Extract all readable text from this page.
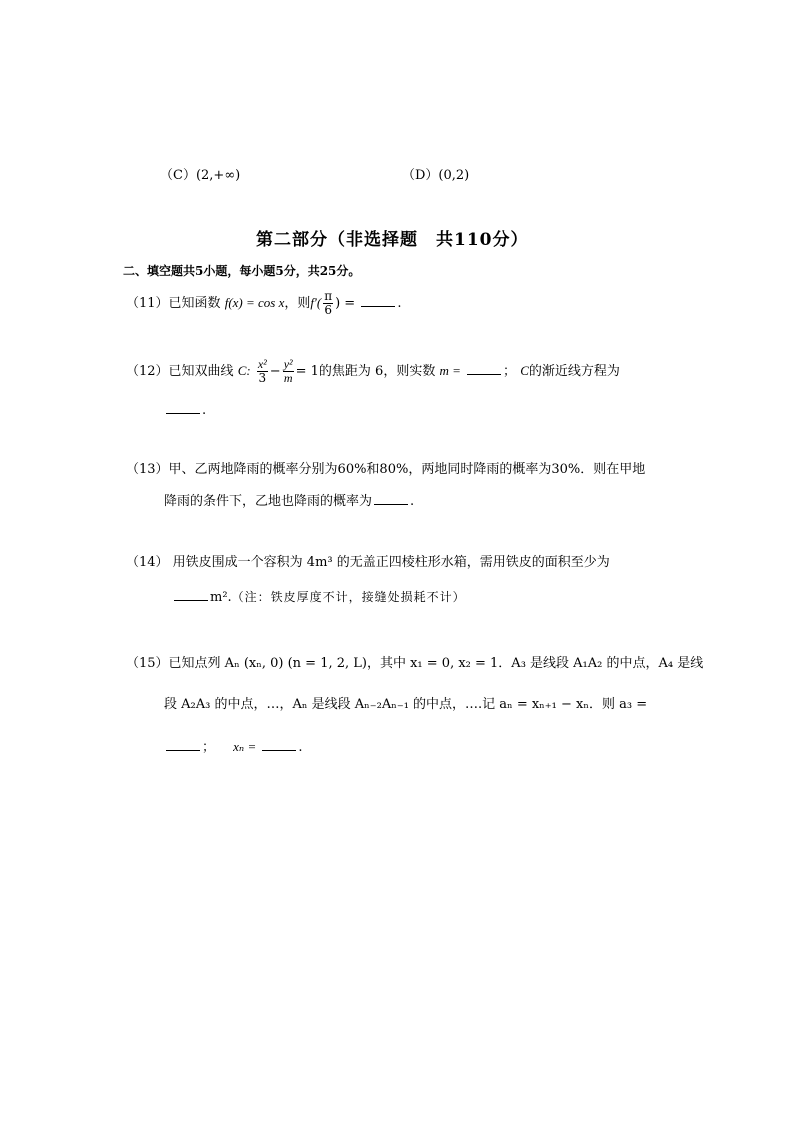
（C）(2,+∞)	（D）(0,2)
第二部分（非选择题　共110分）
二、填空题共5小题，每小题5分，共25分。
（11）已知函数 f(x) = cos x，则$f'( \frac{\pi}{6}$ ) =	.
（12）已知双曲线 C: $\frac{\text{x²}}{3} - \frac{\text{y²}}{m} = 1$的焦距为 6，则实数 m =	； C的渐近线方程为
.
（13）甲、乙两地降雨的概率分别为60%和80%，两地同时降雨的概率为30%．则在甲地
降雨的条件下，乙地也降雨的概率为	.
（14） 用铁皮围成一个容积为 4m³ 的无盖正四棱柱形水箱，需用铁皮的面积至少为
m².（注：铁皮厚度不计，接缝处损耗不计）
（15）已知点列 Aₙ (xₙ, 0) (n = 1, 2, L)，其中 x₁ = 0, x₂ = 1．A₃ 是线段 A₁A₂ 的中点，A₄ 是线
段 A₂A₃ 的中点，…，Aₙ 是线段 Aₙ₋₂Aₙ₋₁ 的中点，….记 aₙ = xₙ₊₁ − xₙ．则 a₃ =
； xₙ =	.
